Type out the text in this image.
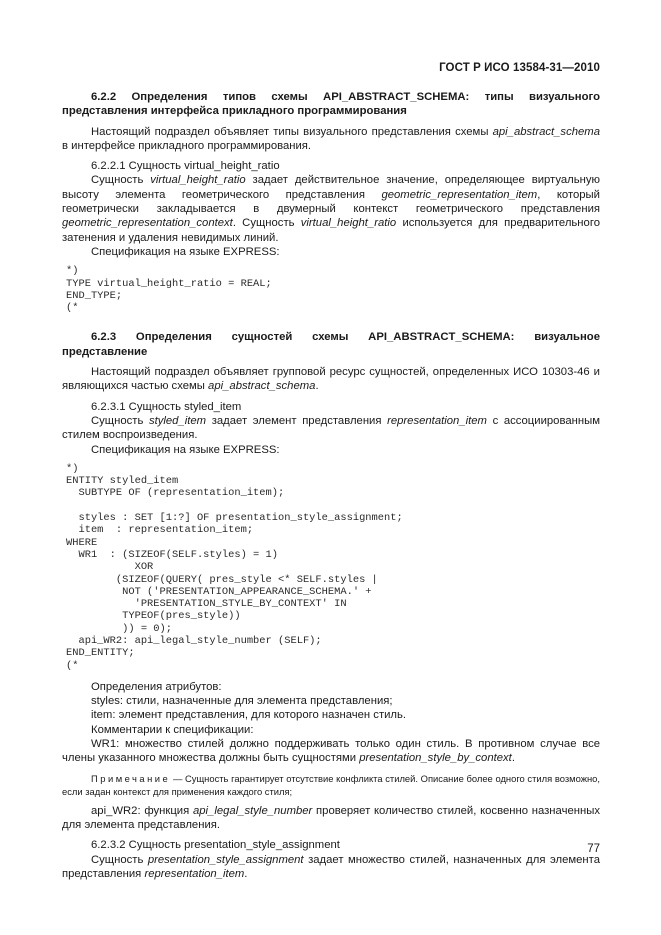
ГОСТ Р ИСО 13584-31—2010

6.2.2 Определения типов схемы API_ABSTRACT_SCHEMA: типы визуального представления интерфейса прикладного программирования

Настоящий подраздел объявляет типы визуального представления схемы api_abstract_schema в интерфейсе прикладного программирования.

6.2.2.1 Сущность virtual_height_ratio

Сущность virtual_height_ratio задает действительное значение, определяющее виртуальную высоту элемента геометрического представления geometric_representation_item, который геометрически закладывается в двумерный контекст геометрического представления geometric_representation_context. Сущность virtual_height_ratio используется для предварительного затенения и удаления невидимых линий.

Спецификация на языке EXPRESS:

*)
TYPE virtual_height_ratio = REAL;
END_TYPE;
(*

6.2.3 Определения сущностей схемы API_ABSTRACT_SCHEMA: визуальное представление

Настоящий подраздел объявляет групповой ресурс сущностей, определенных ИСО 10303-46 и являющихся частью схемы api_abstract_schema.

6.2.3.1 Сущность styled_item

Сущность styled_item задает элемент представления representation_item с ассоциированным стилем воспроизведения.

Спецификация на языке EXPRESS:

*)
ENTITY styled_item
SUBTYPE OF (representation_item);

styles : SET [1:?] OF presentation_style_assignment;
item  : representation_item;
WHERE
WR1  : (SIZEOF(SELF.styles) = 1)
XOR
(SIZEOF(QUERY( pres_style <* SELF.styles |
NOT ('PRESENTATION_APPEARANCE_SCHEMA.' +
'PRESENTATION_STYLE_BY_CONTEXT' IN
TYPEOF(pres_style))
)) = 0);
api_WR2: api_legal_style_number (SELF);
END_ENTITY;
(*

Определения атрибутов:

styles: стили, назначенные для элемента представления;

item: элемент представления, для которого назначен стиль.

Комментарии к спецификации:

WR1: множество стилей должно поддерживать только один стиль. В противном случае все члены указанного множества должны быть сущностями presentation_style_by_context.

Примечание — Сущность гарантирует отсутствие конфликта стилей. Описание более одного стиля возможно, если задан контекст для применения каждого стиля;

api_WR2: функция api_legal_style_number проверяет количество стилей, косвенно назначенных для элемента представления.

6.2.3.2 Сущность presentation_style_assignment

Сущность presentation_style_assignment задает множество стилей, назначенных для элемента представления representation_item.

77
